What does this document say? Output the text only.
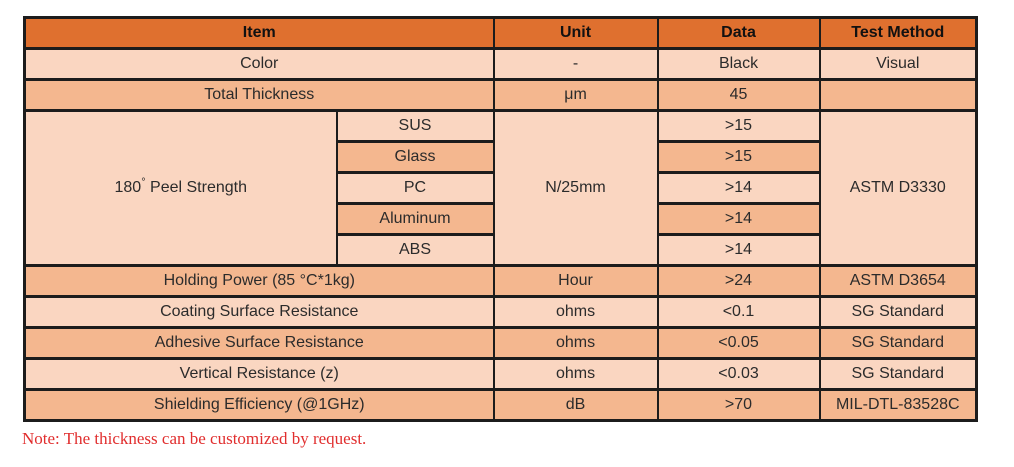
Item		Unit	Data	Test Method
Color		-	Black	Visual
Total Thickness		μm	45	
180° Peel Strength	SUS	N/25mm	>15	ASTM D3330
	Glass		>15	
	PC		>14	
	Aluminum		>14	
	ABS		>14	
Holding Power (85 °C*1kg)		Hour	>24	ASTM D3654
Coating Surface Resistance		ohms	<0.1	SG Standard
Adhesive Surface Resistance		ohms	<0.05	SG Standard
Vertical Resistance (z)		ohms	<0.03	SG Standard
Shielding Efficiency (@1GHz)		dB	>70	MIL-DTL-83528C

Note: The thickness can be customized by request.
